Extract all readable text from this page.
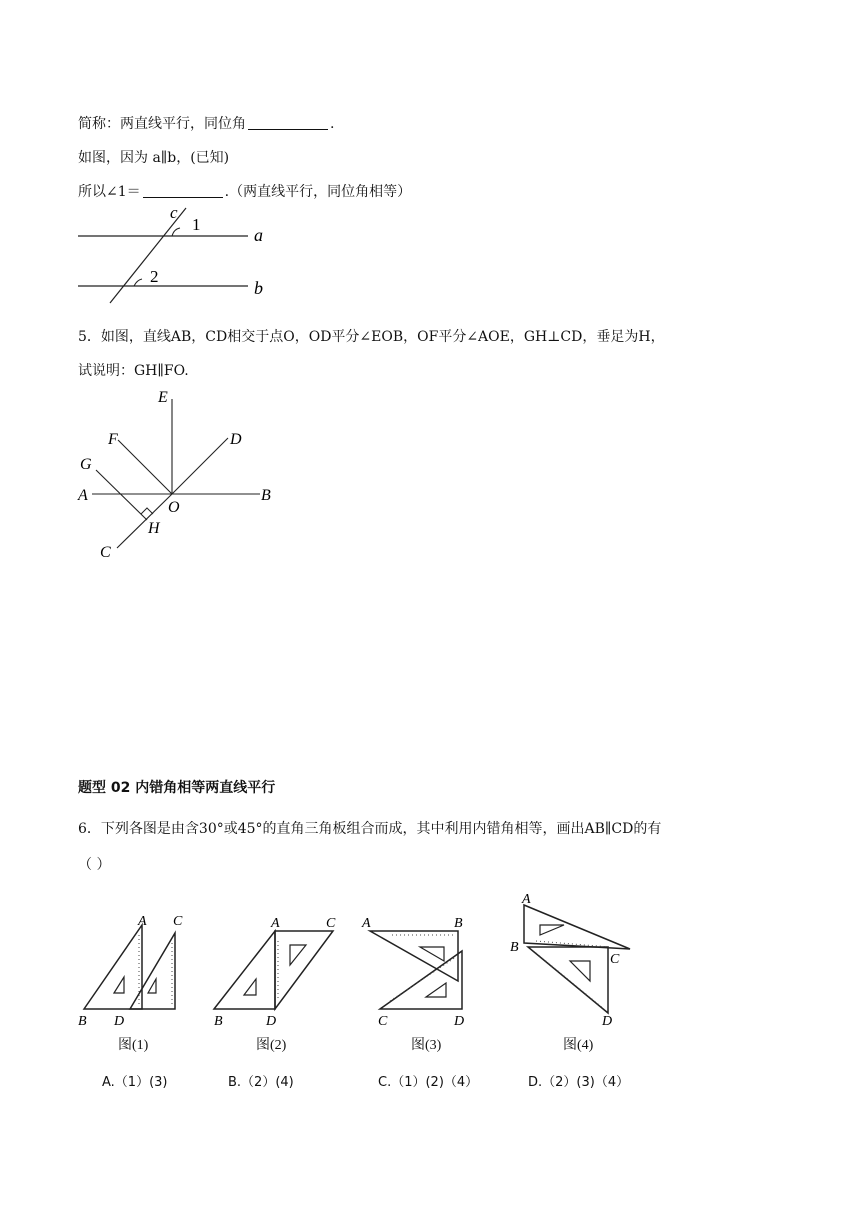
简称：两直线平行，同位角	.
如图，因为 a∥b，(已知)
所以∠1＝	.（两直线平行，同位角相等）
c
1
2
a
b
5．如图，直线AB，CD相交于点O，OD平分∠EOB，OF平分∠AOE，GH⊥CD，垂足为H，
试说明：GH∥FO.
E
F	D
G
A
O
B
H
C
题型 02 内错角相等两直线平行
6．下列各图是由含30°或45°的直角三角板组合而成，其中利用内错角相等，画出AB∥CD的有
（ ）
A C
B D
A	C
B	D
A	B
C	D
A
B
C
D
图(1)	图(2)	图(3)	图(4)
A.（1）(3)	B.（2）(4)	C.（1）(2)（4）	D.（2）(3)（4）
